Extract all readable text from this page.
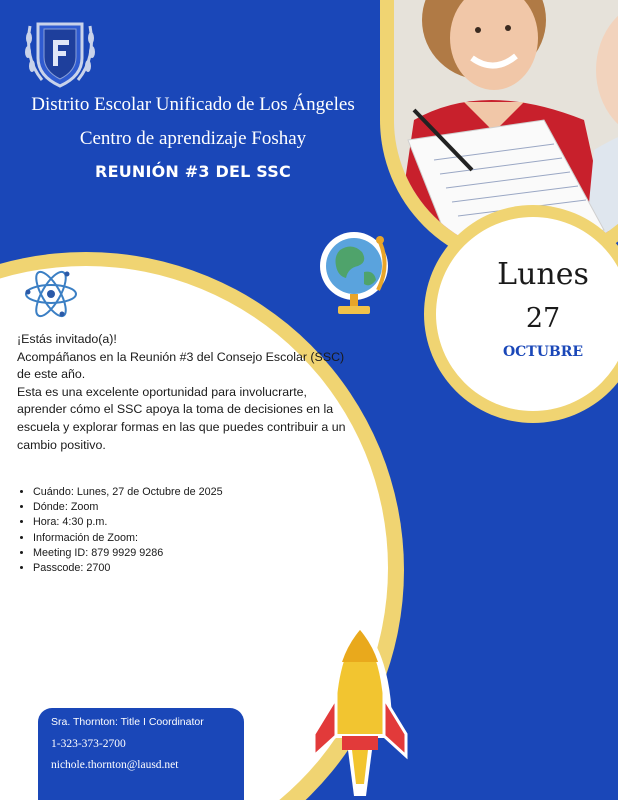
Lunes
27
OCTUBRE
Distrito Escolar Unificado de Los Ángeles
Centro de aprendizaje Foshay
REUNIÓN #3 DEL SSC

¡Estás invitado(a)!

Acompáñanos en la Reunión #3 del Consejo Escolar (SSC) de este año.

Esta es una excelente oportunidad para involucrarte, aprender cómo el SSC apoya la toma de decisiones en la escuela y explorar formas en las que puedes contribuir a un cambio positivo.

• Cuándo: Lunes, 27 de Octubre de 2025
• Dónde: Zoom
• Hora: 4:30 p.m.
• Información de Zoom:
• Meeting ID: 879 9929 9286
• Passcode: 2700
Sra. Thornton: Title I Coordinator
1-323-373-2700
nichole.thornton@lausd.net
